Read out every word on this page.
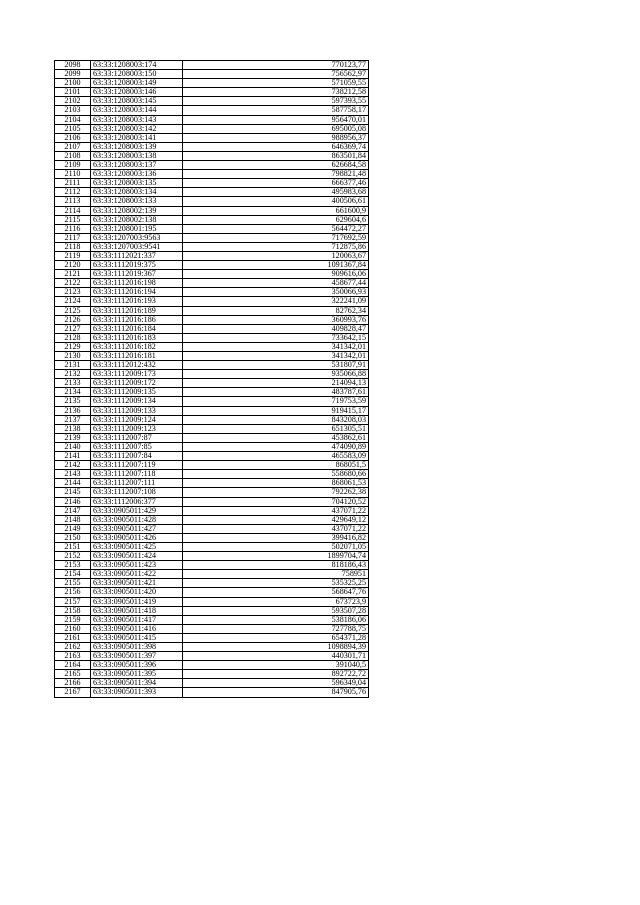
2098	63:33:1208003:174	770123,77
2099	63:33:1208003:150	756562,97
2100	63:33:1208003:149	571059,55
2101	63:33:1208003:146	738212,58
2102	63:33:1208003:145	597393,55
2103	63:33:1208003:144	587758,17
2104	63:33:1208003:143	956470,01
2105	63:33:1208003:142	695005,08
2106	63:33:1208003:141	988956,37
2107	63:33:1208003:139	646369,74
2108	63:33:1208003:138	863501,84
2109	63:33:1208003:137	626684,58
2110	63:33:1208003:136	798821,48
2111	63:33:1208003:135	666377,46
2112	63:33:1208003:134	495983,68
2113	63:33:1208003:133	400506,61
2114	63:33:1208002:139	661600,9
2115	63:33:1208002:138	629604,6
2116	63:33:1208001:195	564472,27
2117	63:33:1207003:9563	717692,59
2118	63:33:1207003:9541	712875,86
2119	63:33:1112021:337	120063,67
2120	63:33:1112019:375	1091367,84
2121	63:33:1112019:367	909616,06
2122	63:33:1112016:198	458677,44
2123	63:33:1112016:194	350066,93
2124	63:33:1112016:193	322241,09
2125	63:33:1112016:189	82762,34
2126	63:33:1112016:186	360993,76
2127	63:33:1112016:184	409828,47
2128	63:33:1112016:183	733642,15
2129	63:33:1112016:182	341342,01
2130	63:33:1112016:181	341342,01
2131	63:33:1112012:432	531807,91
2132	63:33:1112009:173	935066,88
2133	63:33:1112009:172	214094,13
2134	63:33:1112009:135	483787,61
2135	63:33:1112009:134	719753,59
2136	63:33:1112009:133	919415,17
2137	63:33:1112009:124	843208,03
2138	63:33:1112009:123	651305,51
2139	63:33:1112007:87	453862,61
2140	63:33:1112007:85	474090,89
2141	63:33:1112007:84	465583,09
2142	63:33:1112007:119	868051,5
2143	63:33:1112007:118	558680,66
2144	63:33:1112007:111	868061,53
2145	63:33:1112007:108	792262,38
2146	63:33:1112006:377	704120,52
2147	63:33:0905011:429	437071,22
2148	63:33:0905011:428	429649,12
2149	63:33:0905011:427	437071,22
2150	63:33:0905011:426	399416,82
2151	63:33:0905011:425	502071,05
2152	63:33:0905011:424	1899704,74
2153	63:33:0905011:423	818186,43
2154	63:33:0905011:422	758951
2155	63:33:0905011:421	535325,25
2156	63:33:0905011:420	568647,76
2157	63:33:0905011:419	673723,9
2158	63:33:0905011:418	593507,28
2159	63:33:0905011:417	538186,06
2160	63:33:0905011:416	727788,75
2161	63:33:0905011:415	654371,28
2162	63:33:0905011:398	1098894,39
2163	63:33:0905011:397	440301,71
2164	63:33:0905011:396	391040,5
2165	63:33:0905011:395	892722,72
2166	63:33:0905011:394	596349,04
2167	63:33:0905011:393	847905,76
